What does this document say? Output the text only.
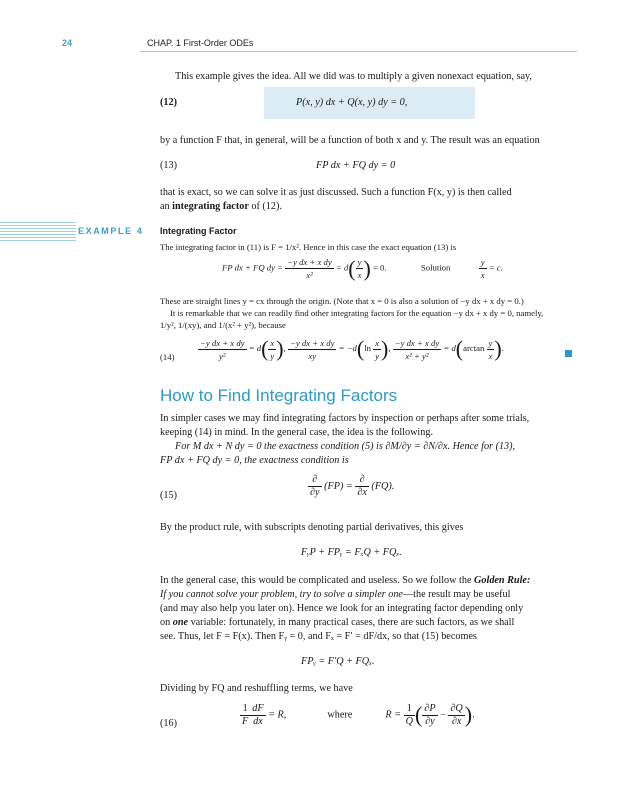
24	CHAP. 1 First-Order ODEs
This example gives the idea. All we did was to multiply a given nonexact equation, say,
(12)	P(x, y) dx + Q(x, y) dy = 0,
by a function F that, in general, will be a function of both x and y. The result was an equation
(13)	FP dx + FQ dy = 0
that is exact, so we can solve it as just discussed. Such a function F(x, y) is then called
an integrating factor of (12).
EXAMPLE 4 Integrating Factor
The integrating factor in (11) is F = 1/x². Hence in this case the exact equation (13) is
FP dx + FQ dy = $\frac{\text{−y dx + x dy}}{\text{x²}} = d( \frac{y}{x}$ ) = 0.	Solution	$\frac{y}{x} = c$.
These are straight lines y = cx through the origin. (Note that x = 0 is also a solution of −y dx + x dy = 0.)
It is remarkable that we can readily find other integrating factors for the equation −y dx + x dy = 0, namely,
1/y², 1/(xy), and 1/(x² + y²), because
(14)	$\frac{\text{−y dx + x dy}}{\text{y²}} = d( \frac{x}{y}$ ), $\frac{\text{−y dx + x dy}}{xy} = -d(\ln \frac{x}{y}$ ), $\frac{\text{−y dx + x dy}}{\text{x² + y²}} = d(\arctan \frac{y}{x}$ ).
How to Find Integrating Factors
In simpler cases we may find integrating factors by inspection or perhaps after some trials,
keeping (14) in mind. In the general case, the idea is the following.
For M dx + N dy = 0 the exactness condition (5) is ∂M/∂y = ∂N/∂x. Hence for (13),
FP dx + FQ dy = 0, the exactness condition is
(15)	$\frac{\partial}{\partial y} (FP) = \frac{\partial}{\partial x} (FQ)$.
By the product rule, with subscripts denoting partial derivatives, this gives
FᵧP + FPᵧ = FₓQ + FQₓ.
In the general case, this would be complicated and useless. So we follow the Golden Rule:
If you cannot solve your problem, try to solve a simpler one—the result may be useful
(and may also help you later on). Hence we look for an integrating factor depending only
on one variable: fortunately, in many practical cases, there are such factors, as we shall
see. Thus, let F = F(x). Then Fᵧ = 0, and Fₓ = F′ = dF/dx, so that (15) becomes
FPᵧ = F′Q + FQₓ.
Dividing by FQ and reshuffling terms, we have
(16)	$\frac{1}{F} \frac{dF}{dx} = R$,	where	$R = \frac{1}{Q}$ ( $\frac{\partial P}{\partial y} - \frac{\partial Q}{\partial x}$ ).
